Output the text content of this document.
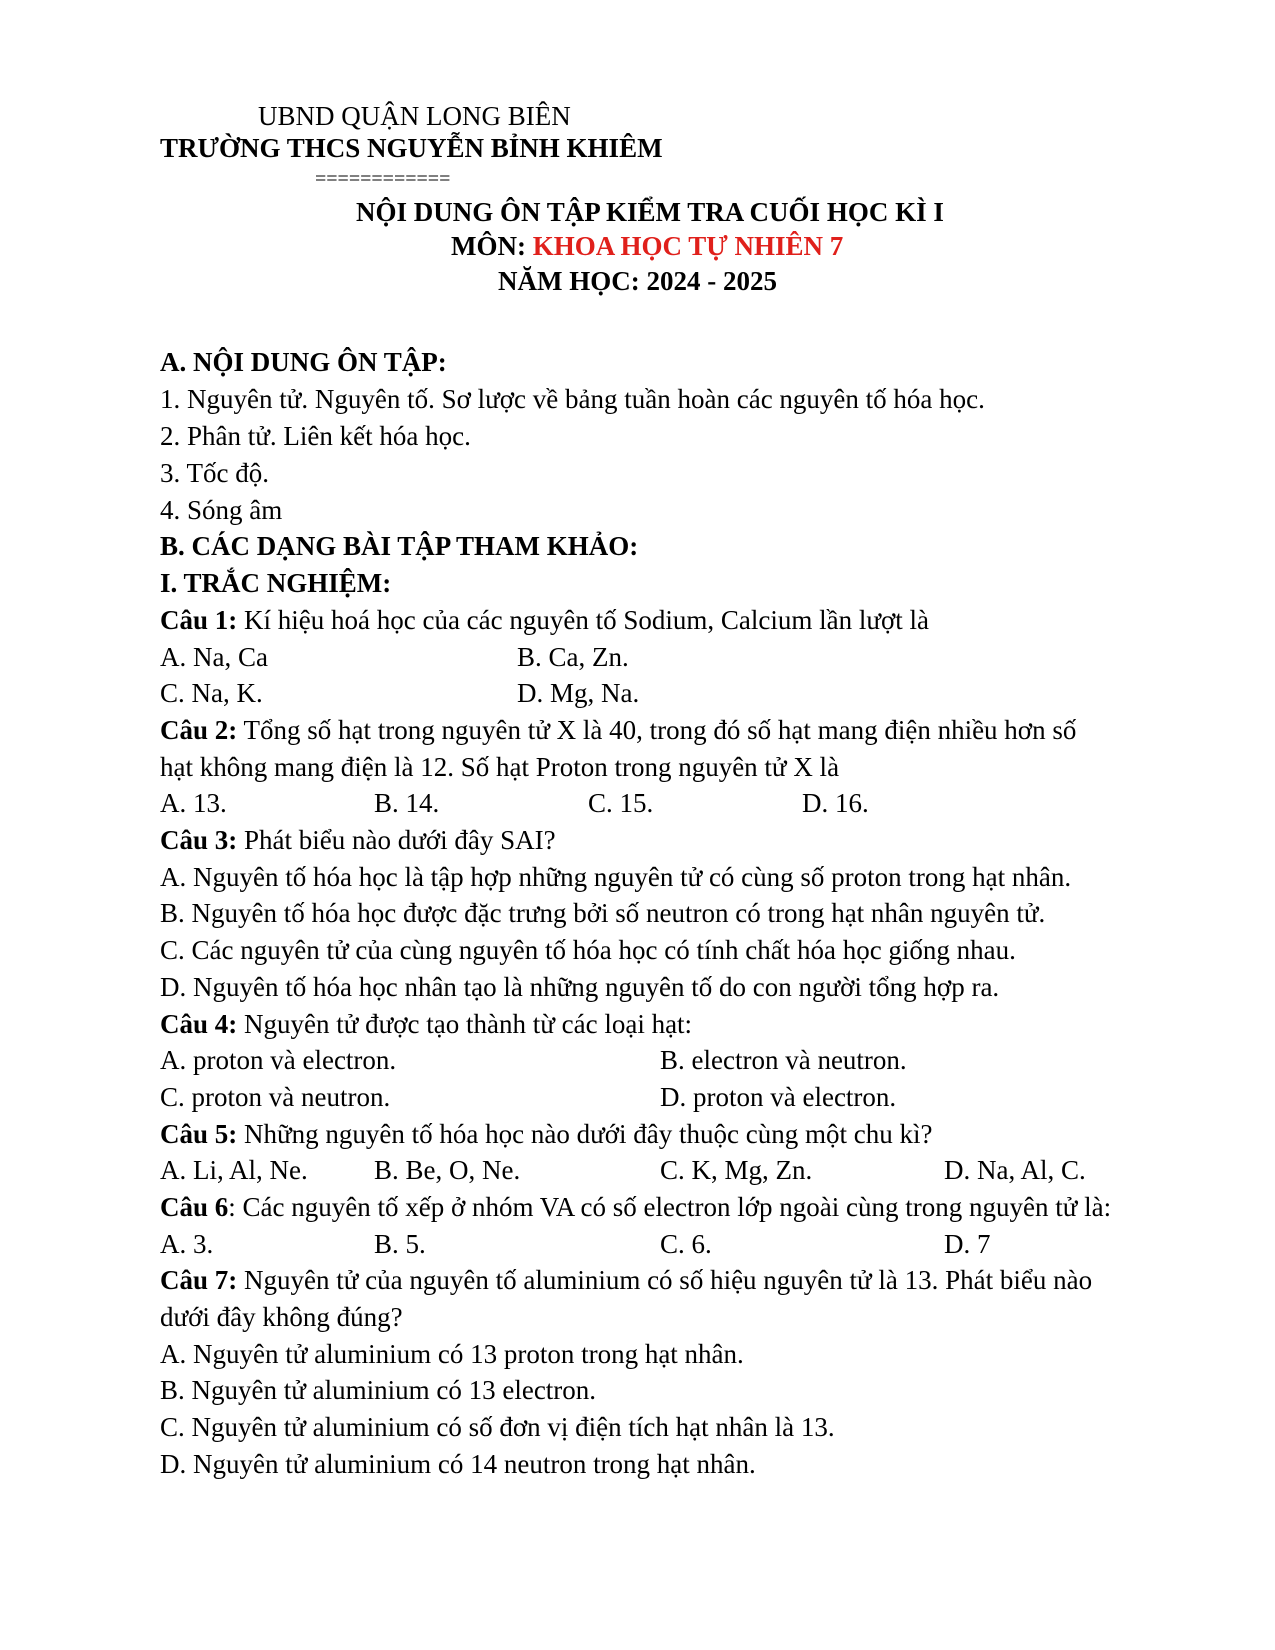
UBND QUẬN LONG BIÊN
TRƯỜNG THCS NGUYỄN BỈNH KHIÊM
============
NỘI DUNG ÔN TẬP KIỂM TRA CUỐI HỌC KÌ I
MÔN: KHOA HỌC TỰ NHIÊN 7
NĂM HỌC: 2024 - 2025
A. NỘI DUNG ÔN TẬP:
1. Nguyên tử. Nguyên tố. Sơ lược về bảng tuần hoàn các nguyên tố hóa học.
2. Phân tử. Liên kết hóa học.
3. Tốc độ.
4. Sóng âm
B. CÁC DẠNG BÀI TẬP THAM KHẢO:
I. TRẮC NGHIỆM:
Câu 1: Kí hiệu hoá học của các nguyên tố Sodium, Calcium lần lượt là
A. Na, Ca	B. Ca, Zn.
C. Na, K.	D. Mg, Na.
Câu 2: Tổng số hạt trong nguyên tử X là 40, trong đó số hạt mang điện nhiều hơn số
hạt không mang điện là 12. Số hạt Proton trong nguyên tử X là
A. 13.	B. 14.	C. 15.	D. 16.
Câu 3: Phát biểu nào dưới đây SAI?
A. Nguyên tố hóa học là tập hợp những nguyên tử có cùng số proton trong hạt nhân.
B. Nguyên tố hóa học được đặc trưng bởi số neutron có trong hạt nhân nguyên tử.
C. Các nguyên tử của cùng nguyên tố hóa học có tính chất hóa học giống nhau.
D. Nguyên tố hóa học nhân tạo là những nguyên tố do con người tổng hợp ra.
Câu 4: Nguyên tử được tạo thành từ các loại hạt:
A. proton và electron.	B. electron và neutron.
C. proton và neutron.	D. proton và electron.
Câu 5: Những nguyên tố hóa học nào dưới đây thuộc cùng một chu kì?
A. Li, Al, Ne. B. Be, O, Ne.	C. K, Mg, Zn.	D. Na, Al, C.
Câu 6: Các nguyên tố xếp ở nhóm VA có số electron lớp ngoài cùng trong nguyên tử là:
A. 3.	B. 5.	C. 6.	D. 7
Câu 7: Nguyên tử của nguyên tố aluminium có số hiệu nguyên tử là 13. Phát biểu nào
dưới đây không đúng?
A. Nguyên tử aluminium có 13 proton trong hạt nhân.
B. Nguyên tử aluminium có 13 electron.
C. Nguyên tử aluminium có số đơn vị điện tích hạt nhân là 13.
D. Nguyên tử aluminium có 14 neutron trong hạt nhân.
